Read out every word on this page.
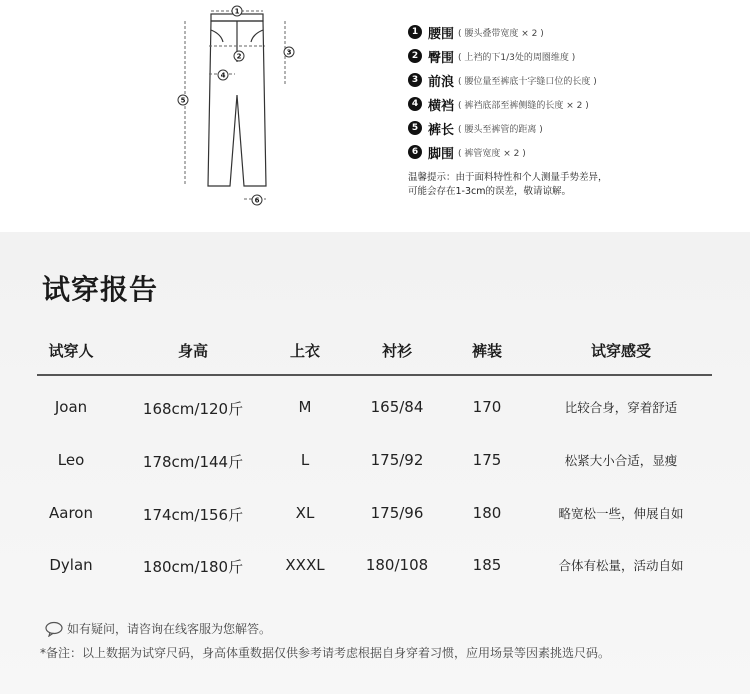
1
2	3
4
5
6
1 腰围 ( 腰头叠带宽度 × 2 )
2 臀围 ( 上裆的下1/3处的周圈维度 )
3 前浪 ( 腰位量至裤底十字缝口位的长度 )
4 横裆 ( 裤裆底部至裤侧缝的长度 × 2 )
5 裤长 ( 腰头至裤管的距离 )
6 脚围 ( 裤管宽度 × 2 )
温馨提示：由于面料特性和个人测量手势差异，
可能会存在1-3cm的误差，敬请谅解。
试穿报告
试穿人	身高	上衣	衬衫	裤装	试穿感受
Joan	168cm/120斤	M	165/84	170	比较合身，穿着舒适
Leo	178cm/144斤	L	175/92	175	松紧大小合适，显瘦
Aaron	174cm/156斤	XL	175/96	180	略宽松一些，伸展自如
Dylan	180cm/180斤	XXXL	180/108	185	合体有松量，活动自如
如有疑问，请咨询在线客服为您解答。
*备注：以上数据为试穿尺码，身高体重数据仅供参考请考虑根据自身穿着习惯，应用场景等因素挑选尺码。
